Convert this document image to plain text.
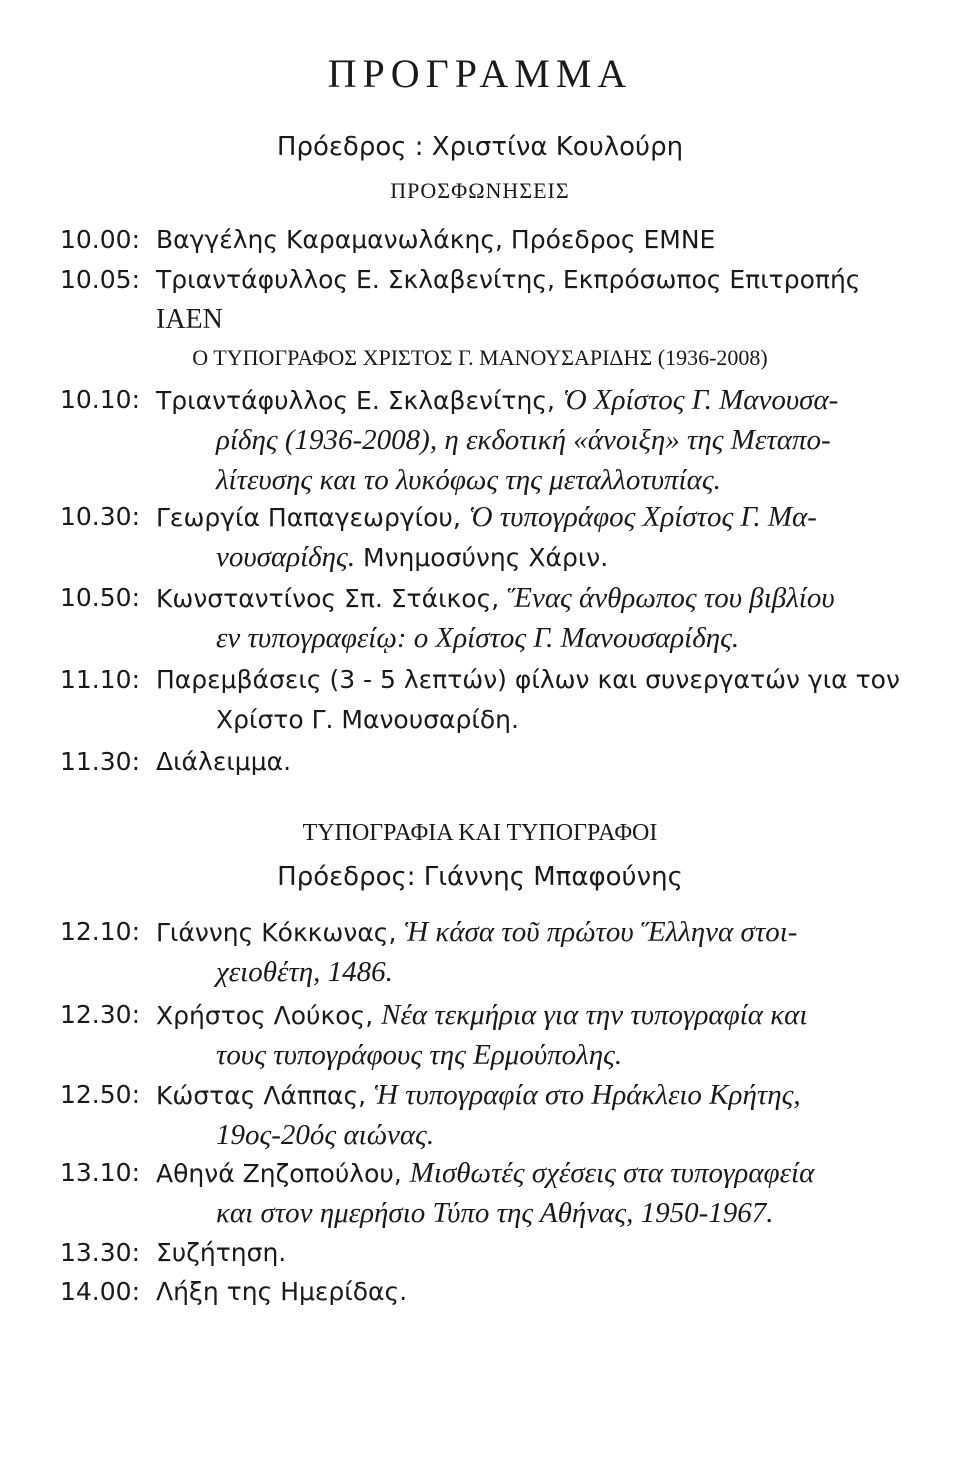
ΠΡΟΓΡΑΜΜΑ
Πρόεδρος : Χριστίνα Κουλούρη
ΠΡΟΣΦΩΝΗΣΕΙΣ
10.00: Βαγγέλης Καραμανωλάκης, Πρόεδρος ΕΜΝΕ
10.05: Τριαντάφυλλος Ε. Σκλαβενίτης, Εκπρόσωπος Επιτροπής
ΙΑΕΝ
Ο ΤΥΠΟΓΡΑΦΟΣ ΧΡΙΣΤΟΣ Γ. ΜΑΝΟΥΣΑΡΙΔΗΣ (1936-2008)
10.10: Τριαντάφυλλος Ε. Σκλαβενίτης, Ὁ Χρίστος Γ. Μανουσα-
ρίδης (1936-2008), η εκδοτική «άνοιξη» της Μεταπο-
λίτευσης και το λυκόφως της μεταλλοτυπίας.
10.30: Γεωργία Παπαγεωργίου, Ὁ τυπογράφος Χρίστος Γ. Μα-
νουσαρίδης. Μνημοσύνης Χάριν.
10.50: Κωνσταντίνος Σπ. Στάικος, Ἕνας άνθρωπος του βιβλίου
εν τυπογραφείῳ: ο Χρίστος Γ. Μανουσαρίδης.
11.10: Παρεμβάσεις (3 - 5 λεπτών) φίλων και συνεργατών για τον
Χρίστο Γ. Μανουσαρίδη.
11.30: Διάλειμμα.
ΤΥΠΟΓΡΑΦΙΑ ΚΑΙ ΤΥΠΟΓΡΑΦΟΙ
Πρόεδρος: Γιάννης Μπαφούνης
12.10: Γιάννης Κόκκωνας, Ἡ κάσα τοῦ πρώτου Ἕλληνα στοι-
χειοθέτη, 1486.
12.30: Χρήστος Λούκος, Νέα τεκμήρια για την τυπογραφία και
τους τυπογράφους της Ερμούπολης.
12.50: Κώστας Λάππας, Ἡ τυπογραφία στο Ηράκλειο Κρήτης,
19ος-20ός αιώνας.
13.10: Αθηνά Ζηζοπούλου, Μισθωτές σχέσεις στα τυπογραφεία
και στον ημερήσιο Τύπο της Αθήνας, 1950-1967.
13.30: Συζήτηση.
14.00: Λήξη της Ημερίδας.
